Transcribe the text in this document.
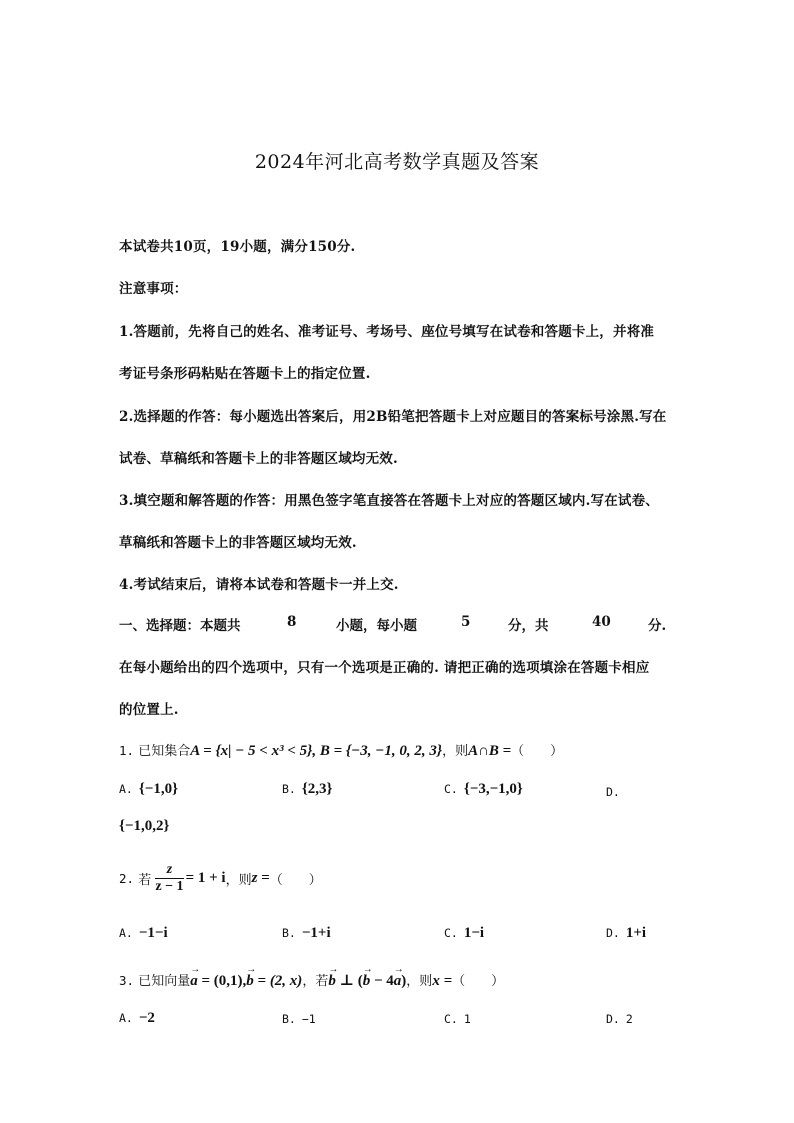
2024年河北高考数学真题及答案
本试卷共10页，19小题，满分150分.
注意事项：
1.答题前，先将自己的姓名、准考证号、考场号、座位号填写在试卷和答题卡上，并将准
考证号条形码粘贴在答题卡上的指定位置.
2.选择题的作答：每小题选出答案后，用2B铅笔把答题卡上对应题目的答案标号涂黑.写在
试卷、草稿纸和答题卡上的非答题区域均无效.
3.填空题和解答题的作答：用黑色签字笔直接答在答题卡上对应的答题区域内.写在试卷、
草稿纸和答题卡上的非答题区域均无效.
4.考试结束后，请将本试卷和答题卡一并上交.
一、选择题：本题共	8	小题，每小题	5	分，共	40	分.
在每小题给出的四个选项中，只有一个选项是正确的. 请把正确的选项填涂在答题卡相应
的位置上.
1. 已知集合A = {x| − 5 < x³ < 5}, B = {−3, −1, 0, 2, 3}，则A∩B =（　　）
A. {−1,0}	B. {2,3}	C. {−3,−1,0}	D.
{−1,0,2}
2. 若 $\frac{z}{z - 1} = 1 + i$，则z =（　　）
A. −1−i	B. −1+i	C. 1−i	D. 1+i
3. 已知向量→ a = (0,1),→ b = (2, x)，若→ b ⊥ (→ b − 4→ a)，则x =（　　）
A. −2	B. −1	C. 1	D. 2
